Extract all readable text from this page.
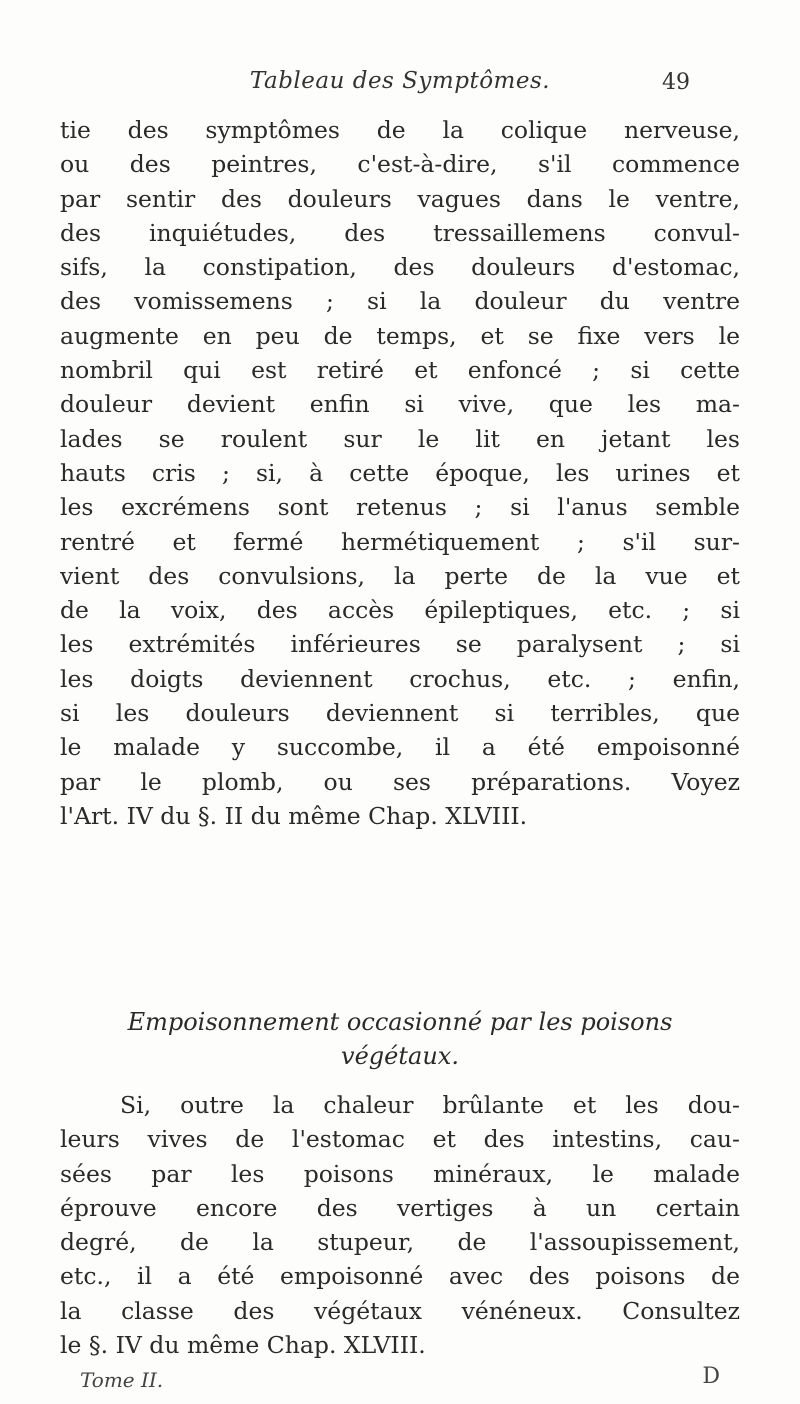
Tableau des Symptômes.	49
tie des symptômes de la colique nerveuse,
ou des peintres, c'est-à-dire, s'il commence
par sentir des douleurs vagues dans le ventre,
des inquiétudes, des tressaillemens convul-
sifs, la constipation, des douleurs d'estomac,
des vomissemens ; si la douleur du ventre
augmente en peu de temps, et se fixe vers le
nombril qui est retiré et enfoncé ; si cette
douleur devient enfin si vive, que les ma-
lades se roulent sur le lit en jetant les
hauts cris ; si, à cette époque, les urines et
les excrémens sont retenus ; si l'anus semble
rentré et fermé hermétiquement ; s'il sur-
vient des convulsions, la perte de la vue et
de la voix, des accès épileptiques, etc. ; si
les extrémités inférieures se paralysent ; si
les doigts deviennent crochus, etc. ; enfin,
si les douleurs deviennent si terribles, que
le malade y succombe, il a été empoisonné
par le plomb, ou ses préparations. Voyez
l'Art. IV du §. II du même Chap. XLVIII.
Empoisonnement occasionné par les poisons
végétaux.
Si, outre la chaleur brûlante et les dou-
leurs vives de l'estomac et des intestins, cau-
sées par les poisons minéraux, le malade
éprouve encore des vertiges à un certain
degré, de la stupeur, de l'assoupissement,
etc., il a été empoisonné avec des poisons de
la classe des végétaux vénéneux. Consultez
le §. IV du même Chap. XLVIII.
Tome II.	D
